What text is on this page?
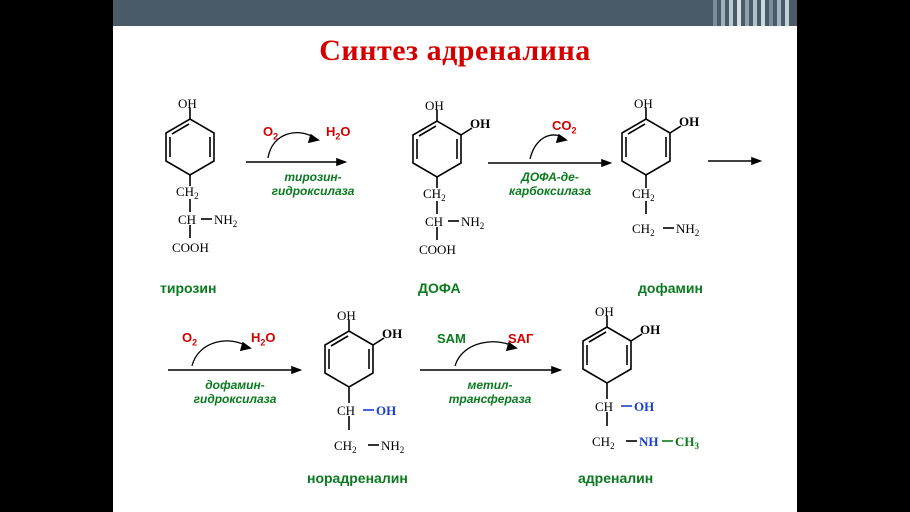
Синтез адреналина
OH
$CH_2$
CH $NH_2$
COOH
OH
OH
$CH_2$
CH $NH_2$
COOH
OH
OH
$CH_2$
$CH_2$ $NH_2$
OH
OH
CH OH
$CH_2$ $NH_2$
OH
OH
CH OH
$CH_2$ NH $CH_3$
$O_2$	$H_2O$	$CO_2$
$O_2$	$H_2O$	SAM	SAГ
тирозин-
гидроксилаза
ДОФА-де-
карбоксилаза
дофамин-
гидроксилаза
метил-
трансфераза
тирозин	ДОФА	дофамин
норадреналин	адреналин
